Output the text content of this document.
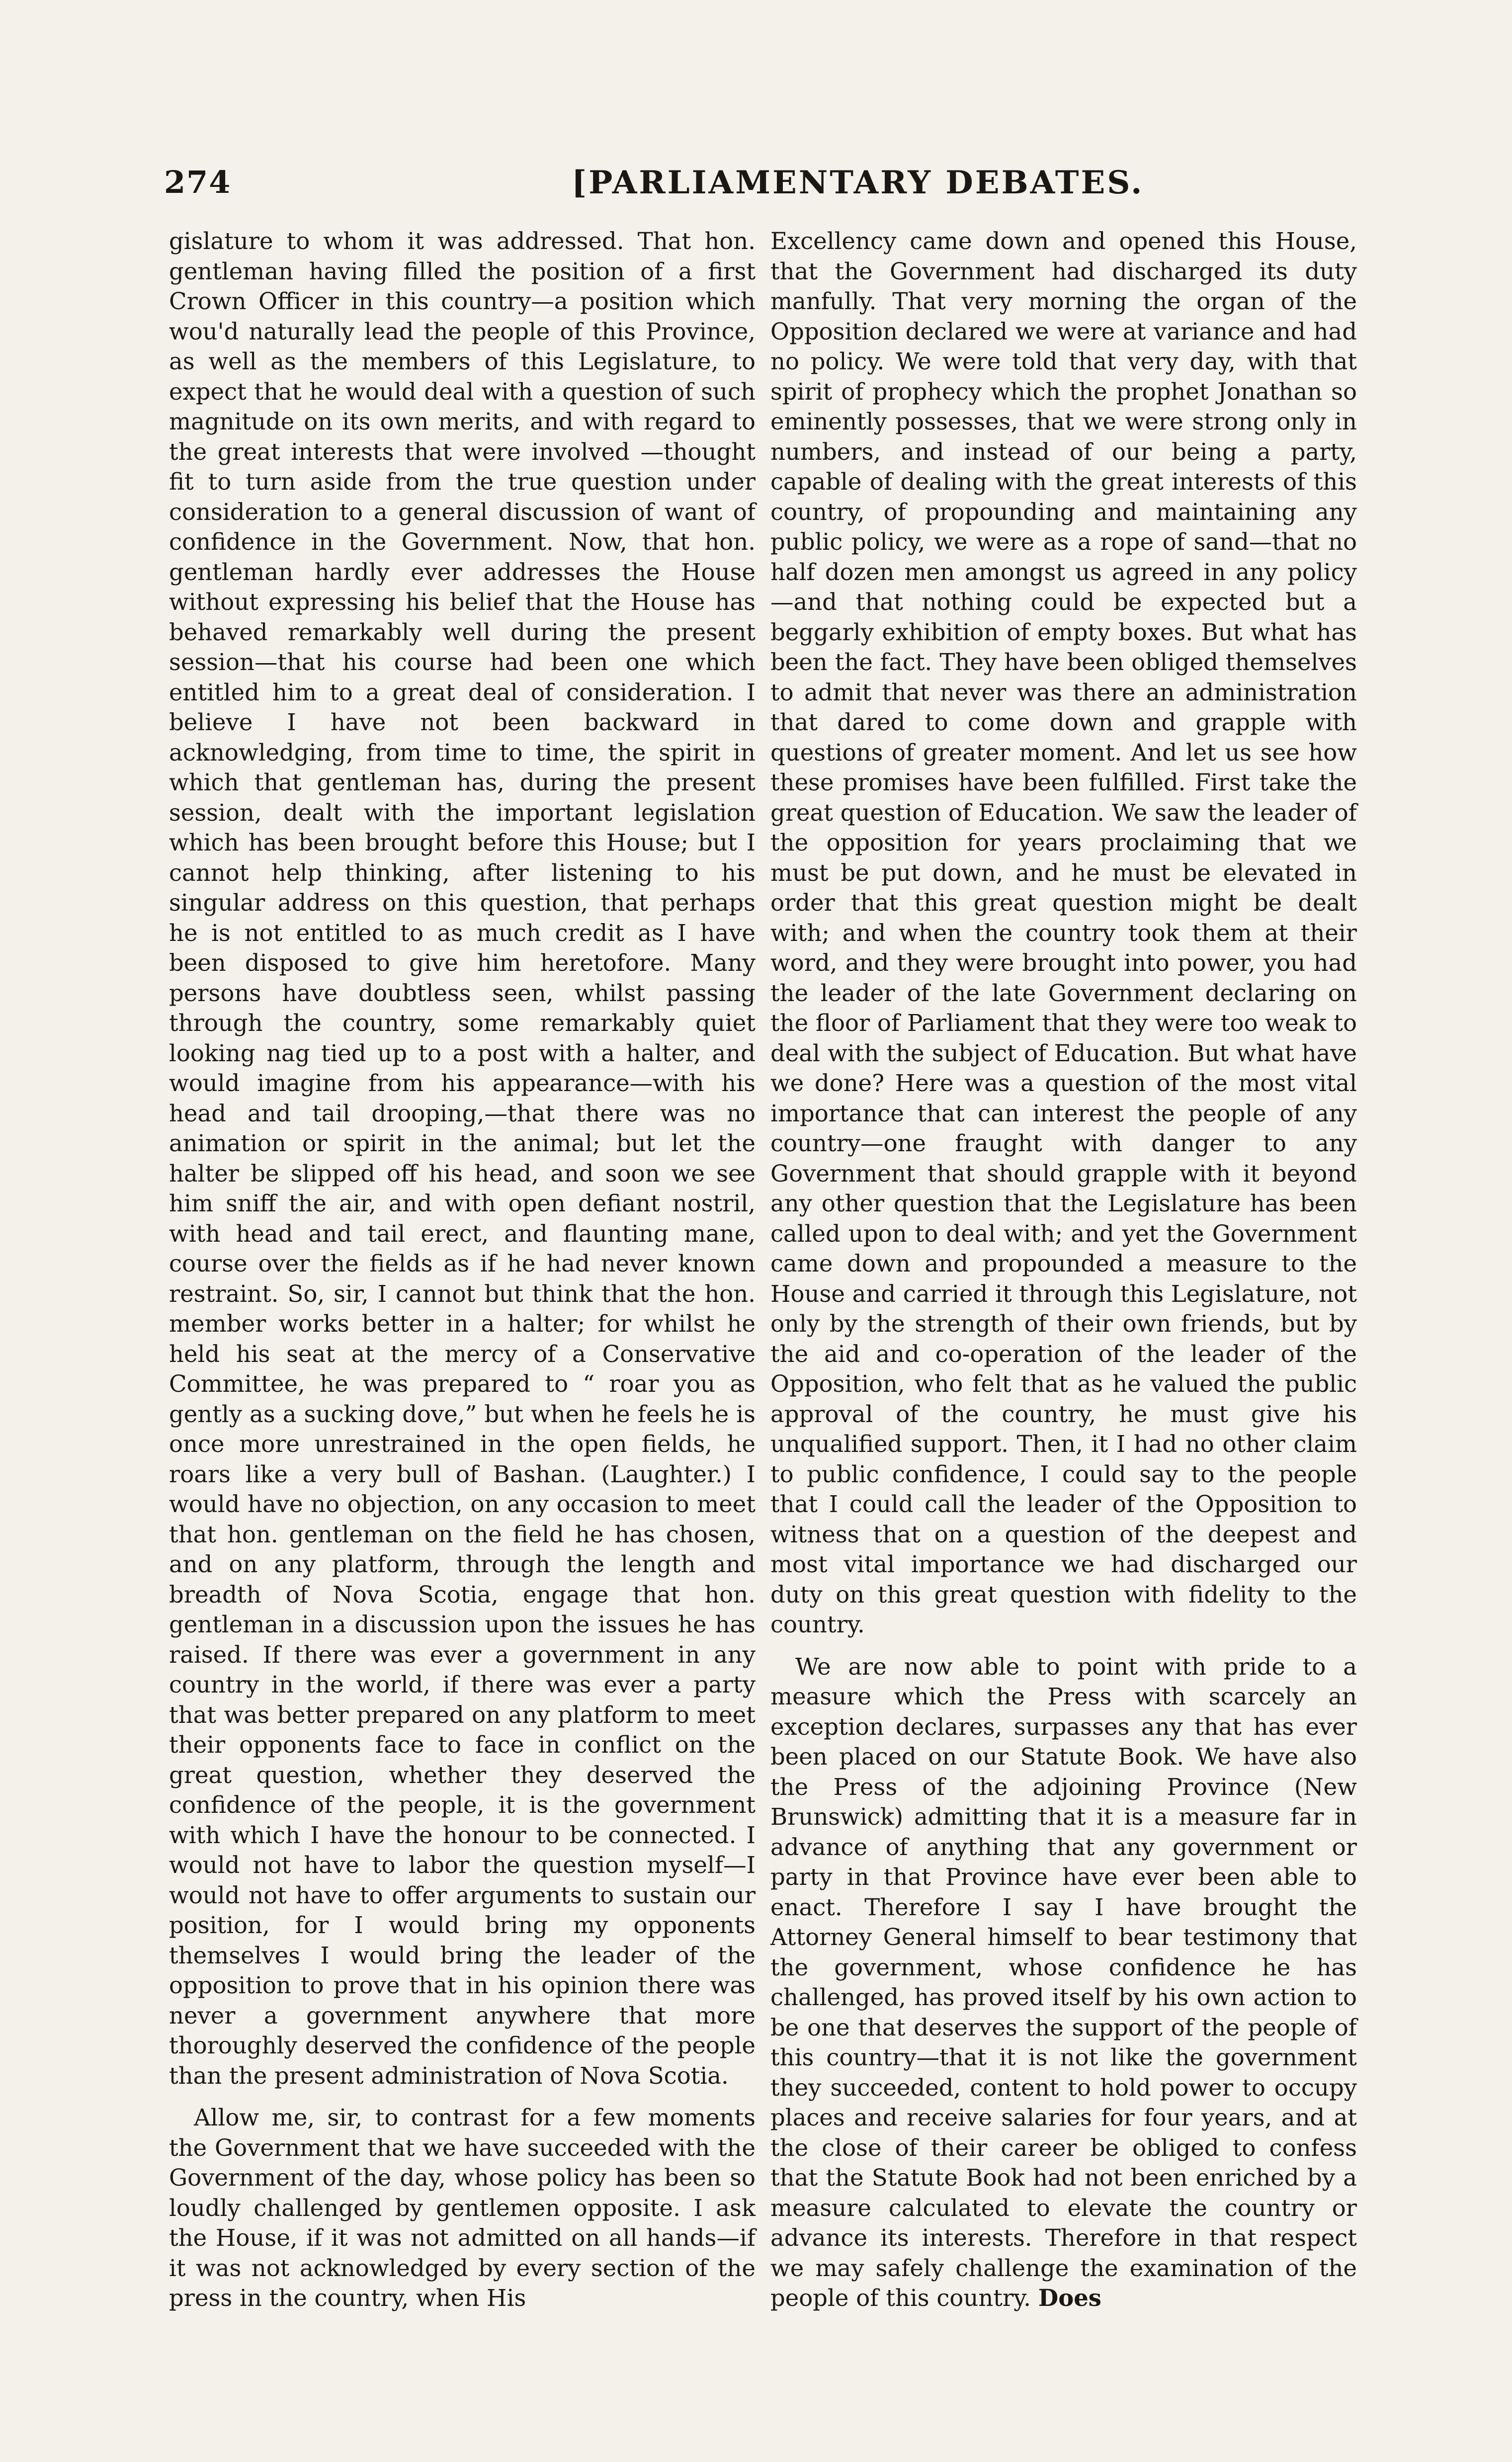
274	[PARLIAMENTARY DEBATES.

gislature to whom it was addressed. That hon. gentleman having filled the position of a first Crown Officer in this country—a position which wou'd naturally lead the people of this Province, as well as the members of this Legislature, to expect that he would deal with a question of such magnitude on its own merits, and with regard to the great interests that were involved —thought fit to turn aside from the true question under consideration to a general discussion of want of confidence in the Government. Now, that hon. gentleman hardly ever addresses the House without expressing his belief that the House has behaved remarkably well during the present session—that his course had been one which entitled him to a great deal of consideration. I believe I have not been backward in acknowledging, from time to time, the spirit in which that gentleman has, during the present session, dealt with the important legislation which has been brought before this House; but I cannot help thinking, after listening to his singular address on this question, that perhaps he is not entitled to as much credit as I have been disposed to give him heretofore. Many persons have doubtless seen, whilst passing through the country, some remarkably quiet looking nag tied up to a post with a halter, and would imagine from his appearance—with his head and tail drooping,—that there was no animation or spirit in the animal; but let the halter be slipped off his head, and soon we see him sniff the air, and with open defiant nostril, with head and tail erect, and flaunting mane, course over the fields as if he had never known restraint. So, sir, I cannot but think that the hon. member works better in a halter; for whilst he held his seat at the mercy of a Conservative Committee, he was prepared to “ roar you as gently as a sucking dove,” but when he feels he is once more unrestrained in the open fields, he roars like a very bull of Bashan. (Laughter.) I would have no objection, on any occasion to meet that hon. gentleman on the field he has chosen, and on any platform, through the length and breadth of Nova Scotia, engage that hon. gentleman in a discussion upon the issues he has raised. If there was ever a government in any country in the world, if there was ever a party that was better prepared on any platform to meet their opponents face to face in conflict on the great question, whether they deserved the confidence of the people, it is the government with which I have the honour to be connected. I would not have to labor the question myself—I would not have to offer arguments to sustain our position, for I would bring my opponents themselves I would bring the leader of the opposition to prove that in his opinion there was never a government anywhere that more thoroughly deserved the confidence of the people than the present administration of Nova Scotia.

Allow me, sir, to contrast for a few moments the Government that we have succeeded with the Government of the day, whose policy has been so loudly challenged by gentlemen opposite. I ask the House, if it was not admitted on all hands—if it was not acknowledged by every section of the press in the country, when His

Excellency came down and opened this House, that the Government had discharged its duty manfully. That very morning the organ of the Opposition declared we were at variance and had no policy. We were told that very day, with that spirit of prophecy which the prophet Jonathan so eminently possesses, that we were strong only in numbers, and instead of our being a party, capable of dealing with the great interests of this country, of propounding and maintaining any public policy, we were as a rope of sand—that no half dozen men amongst us agreed in any policy—and that nothing could be expected but a beggarly exhibition of empty boxes. But what has been the fact. They have been obliged themselves to admit that never was there an administration that dared to come down and grapple with questions of greater moment. And let us see how these promises have been fulfilled. First take the great question of Education. We saw the leader of the opposition for years proclaiming that we must be put down, and he must be elevated in order that this great question might be dealt with; and when the country took them at their word, and they were brought into power, you had the leader of the late Government declaring on the floor of Parliament that they were too weak to deal with the subject of Education. But what have we done? Here was a question of the most vital importance that can interest the people of any country—one fraught with danger to any Government that should grapple with it beyond any other question that the Legislature has been called upon to deal with; and yet the Government came down and propounded a measure to the House and carried it through this Legislature, not only by the strength of their own friends, but by the aid and co-operation of the leader of the Opposition, who felt that as he valued the public approval of the country, he must give his unqualified support. Then, it I had no other claim to public confidence, I could say to the people that I could call the leader of the Opposition to witness that on a question of the deepest and most vital importance we had discharged our duty on this great question with fidelity to the country.

We are now able to point with pride to a measure which the Press with scarcely an exception declares, surpasses any that has ever been placed on our Statute Book. We have also the Press of the adjoining Province (New Brunswick) admitting that it is a measure far in advance of anything that any government or party in that Province have ever been able to enact. Therefore I say I have brought the Attorney General himself to bear testimony that the government, whose confidence he has challenged, has proved itself by his own action to be one that deserves the support of the people of this country—that it is not like the government they succeeded, content to hold power to occupy places and receive salaries for four years, and at the close of their career be obliged to confess that the Statute Book had not been enriched by a measure calculated to elevate the country or advance its interests. Therefore in that respect we may safely challenge the examination of the people of this country. Does
